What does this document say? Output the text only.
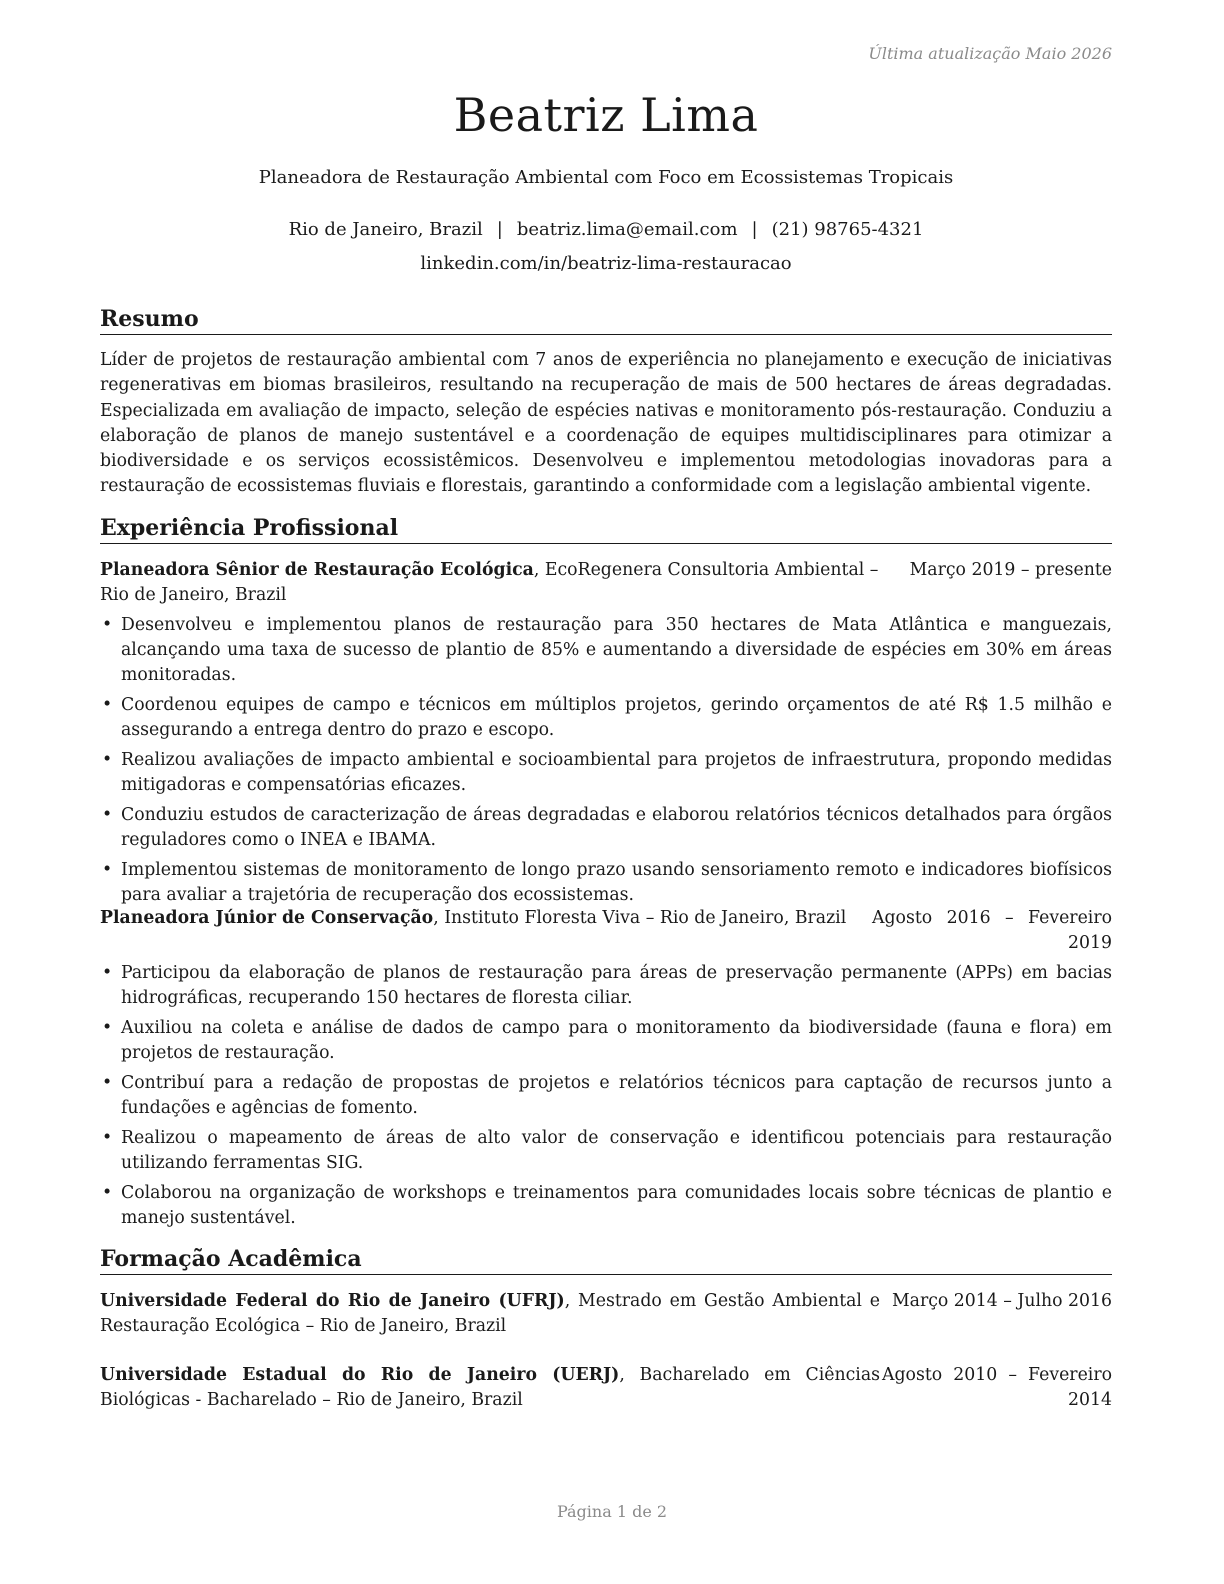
Última atualização Maio 2026
Beatriz Lima
Planeadora de Restauração Ambiental com Foco em Ecossistemas Tropicais
Rio de Janeiro, Brazil | beatriz.lima@email.com | (21) 98765-4321
linkedin.com/in/beatriz-lima-restauracao
Resumo
Líder de projetos de restauração ambiental com 7 anos de experiência no planejamento e execução de iniciativas regenerativas em biomas brasileiros, resultando na recuperação de mais de 500 hectares de áreas degradadas. Especializada em avaliação de impacto, seleção de espécies nativas e monitoramento pós-restauração. Conduziu a elaboração de planos de manejo sustentável e a coordenação de equipes multidisciplinares para otimizar a biodiversidade e os serviços ecossistêmicos. Desenvolveu e implementou metodologias inovadoras para a restauração de ecossistemas fluviais e florestais, garantindo a conformidade com a legislação ambiental vigente.
Experiência Profissional
Planeadora Sênior de Restauração Ecológica, EcoRegenera Consultoria Ambiental – Rio de Janeiro, Brazil
Março 2019 – presente
• Desenvolveu e implementou planos de restauração para 350 hectares de Mata Atlântica e manguezais, alcançando uma taxa de sucesso de plantio de 85% e aumentando a diversidade de espécies em 30% em áreas monitoradas.
• Coordenou equipes de campo e técnicos em múltiplos projetos, gerindo orçamentos de até R$ 1.5 milhão e assegurando a entrega dentro do prazo e escopo.
• Realizou avaliações de impacto ambiental e socioambiental para projetos de infraestrutura, propondo medidas mitigadoras e compensatórias eficazes.
• Conduziu estudos de caracterização de áreas degradadas e elaborou relatórios técnicos detalhados para órgãos reguladores como o INEA e IBAMA.
• Implementou sistemas de monitoramento de longo prazo usando sensoriamento remoto e indicadores biofísicos para avaliar a trajetória de recuperação dos ecossistemas.
Planeadora Júnior de Conservação, Instituto Floresta Viva – Rio de Janeiro, Brazil	Agosto 2016 – Fevereiro 2019
• Participou da elaboração de planos de restauração para áreas de preservação permanente (APPs) em bacias hidrográficas, recuperando 150 hectares de floresta ciliar.
• Auxiliou na coleta e análise de dados de campo para o monitoramento da biodiversidade (fauna e flora) em projetos de restauração.
• Contribuí para a redação de propostas de projetos e relatórios técnicos para captação de recursos junto a fundações e agências de fomento.
• Realizou o mapeamento de áreas de alto valor de conservação e identificou potenciais para restauração utilizando ferramentas SIG.
• Colaborou na organização de workshops e treinamentos para comunidades locais sobre técnicas de plantio e manejo sustentável.
Formação Acadêmica
Universidade Federal do Rio de Janeiro (UFRJ), Mestrado em Gestão Ambiental e Restauração Ecológica – Rio de Janeiro, Brazil
Março 2014 – Julho 2016
Universidade Estadual do Rio de Janeiro (UERJ), Bacharelado em Ciências Biológicas - Bacharelado – Rio de Janeiro, Brazil
Agosto 2010 – Fevereiro 2014
Página 1 de 2
